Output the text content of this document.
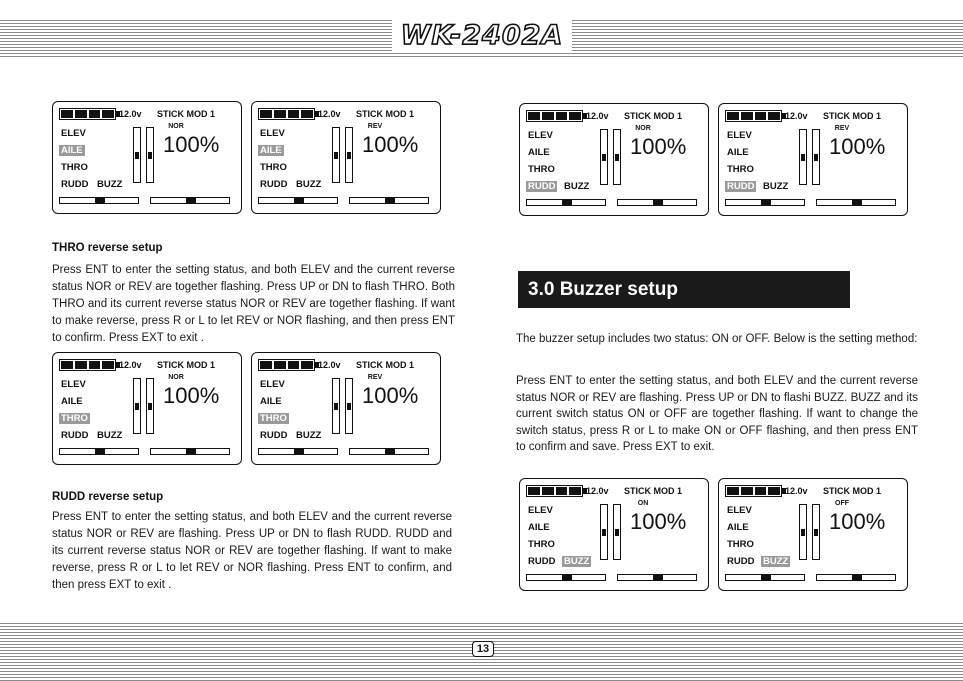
WK-2402A
12.0v STICK MOD 1
NOR
ELEV
AILE
THRO
RUDD BUZZ
100%
12.0v STICK MOD 1
REV
ELEV
AILE
THRO
RUDD BUZZ
100%
12.0v STICK MOD 1
NOR
ELEV
AILE
THRO
RUDD BUZZ
100%
12.0v STICK MOD 1
REV
ELEV
AILE
THRO
RUDD BUZZ
100%
12.0v STICK MOD 1
NOR
ELEV
AILE
THRO
RUDD BUZZ
100%
12.0v STICK MOD 1
REV
ELEV
AILE
THRO
RUDD BUZZ
100%
12.0v STICK MOD 1
ON
ELEV
AILE
THRO
RUDD BUZZ
100%
12.0v STICK MOD 1
OFF
ELEV
AILE
THRO
RUDD BUZZ
100%
THRO reverse setup
Press ENT to enter the setting status, and both ELEV and the current reverse status NOR or REV are together flashing. Press UP or DN to flash THRO. Both THRO and its current reverse status NOR or REV are together flashing. If want to make reverse, press R or L to let REV or NOR flashing, and then press ENT to confirm. Press EXT to exit .
RUDD reverse setup
Press ENT to enter the setting status, and both ELEV and the current reverse status NOR or REV are flashing. Press UP or DN to flash RUDD. RUDD and its current reverse status NOR or REV are together flashing. If want to make reverse, press R or L to let REV or NOR flashing. Press ENT to confirm, and then press EXT to exit .
3.0 Buzzer setup
The buzzer setup includes two status: ON or OFF. Below is the setting method:
Press ENT to enter the setting status, and both ELEV and the current reverse status NOR or REV are flashing. Press UP or DN to flashi BUZZ. BUZZ and its current switch status ON or OFF are together flashing. If want to change the switch status, press R or L to make ON or OFF flashing, and then press ENT to confirm and save. Press EXT to exit.
13
